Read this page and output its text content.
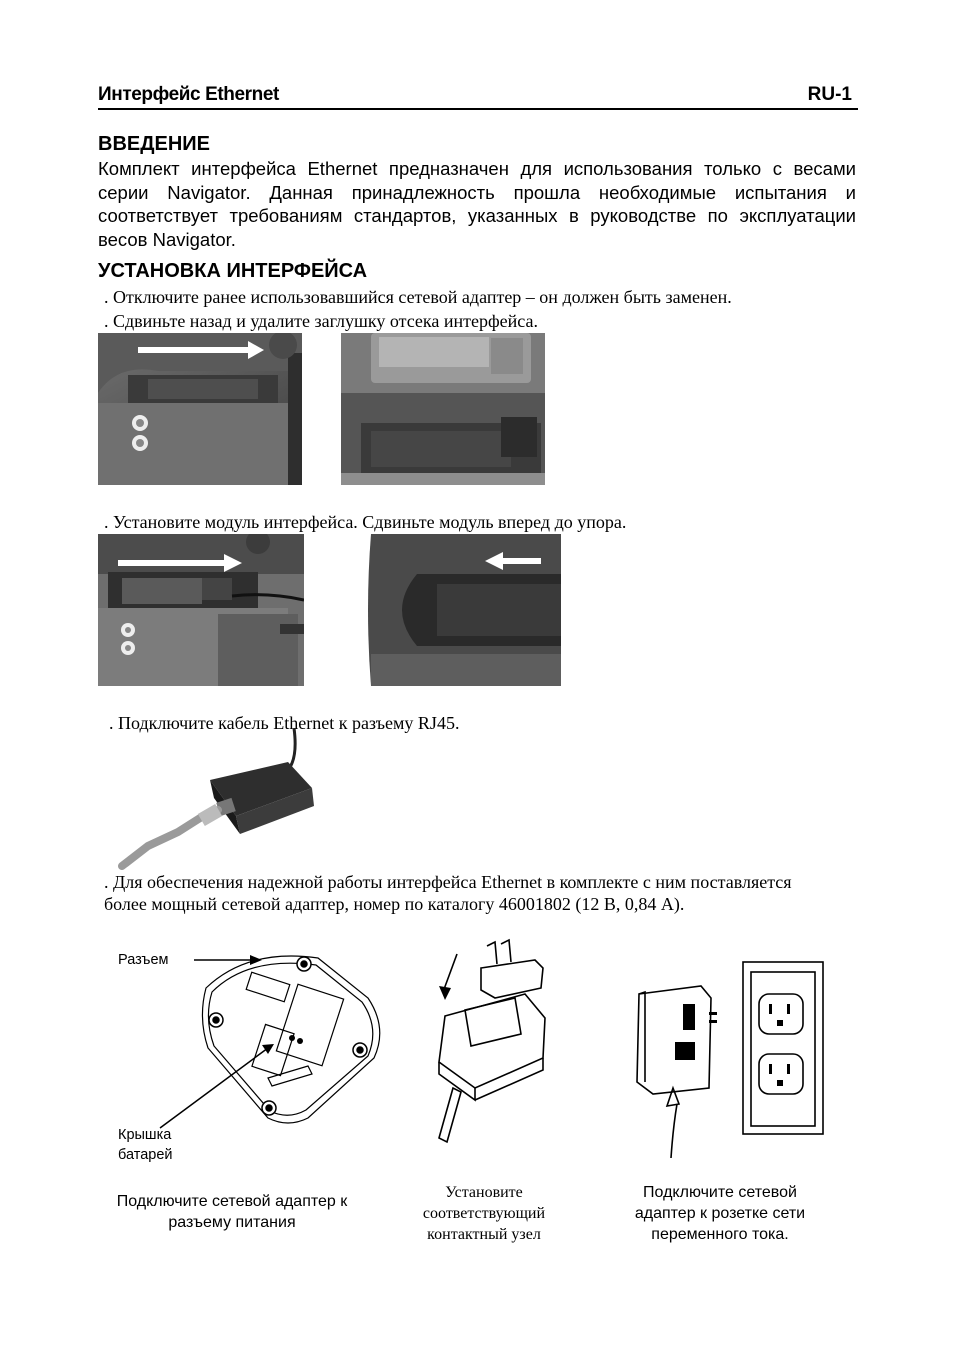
Интерфейс Ethernet	RU-1
ВВЕДЕНИЕ
Комплект интерфейса Ethernet предназначен для использования только с весами серии Navigator. Данная принадлежность прошла необходимые испытания и соответствует требованиям стандартов, указанных в руководстве по эксплуатации весов Navigator.
УСТАНОВКА ИНТЕРФЕЙСА
. Отключите ранее использовавшийся сетевой адаптер – он должен быть заменен.
. Сдвиньте назад и удалите заглушку отсека интерфейса.
. Установите модуль интерфейса. Сдвиньте модуль вперед до упора.
. Подключите кабель Ethernet к разъему RJ45.
. Для обеспечения надежной работы интерфейса Ethernet в комплекте с ним поставляется более мощный сетевой адаптер, номер по каталогу 46001802 (12 В, 0,84 А).
Разъем
Крышка батарей
Подключите сетевой адаптер к разъему питания
Установите соответствующий контактный узел
Подключите сетевой адаптер к розетке сети переменного тока.
